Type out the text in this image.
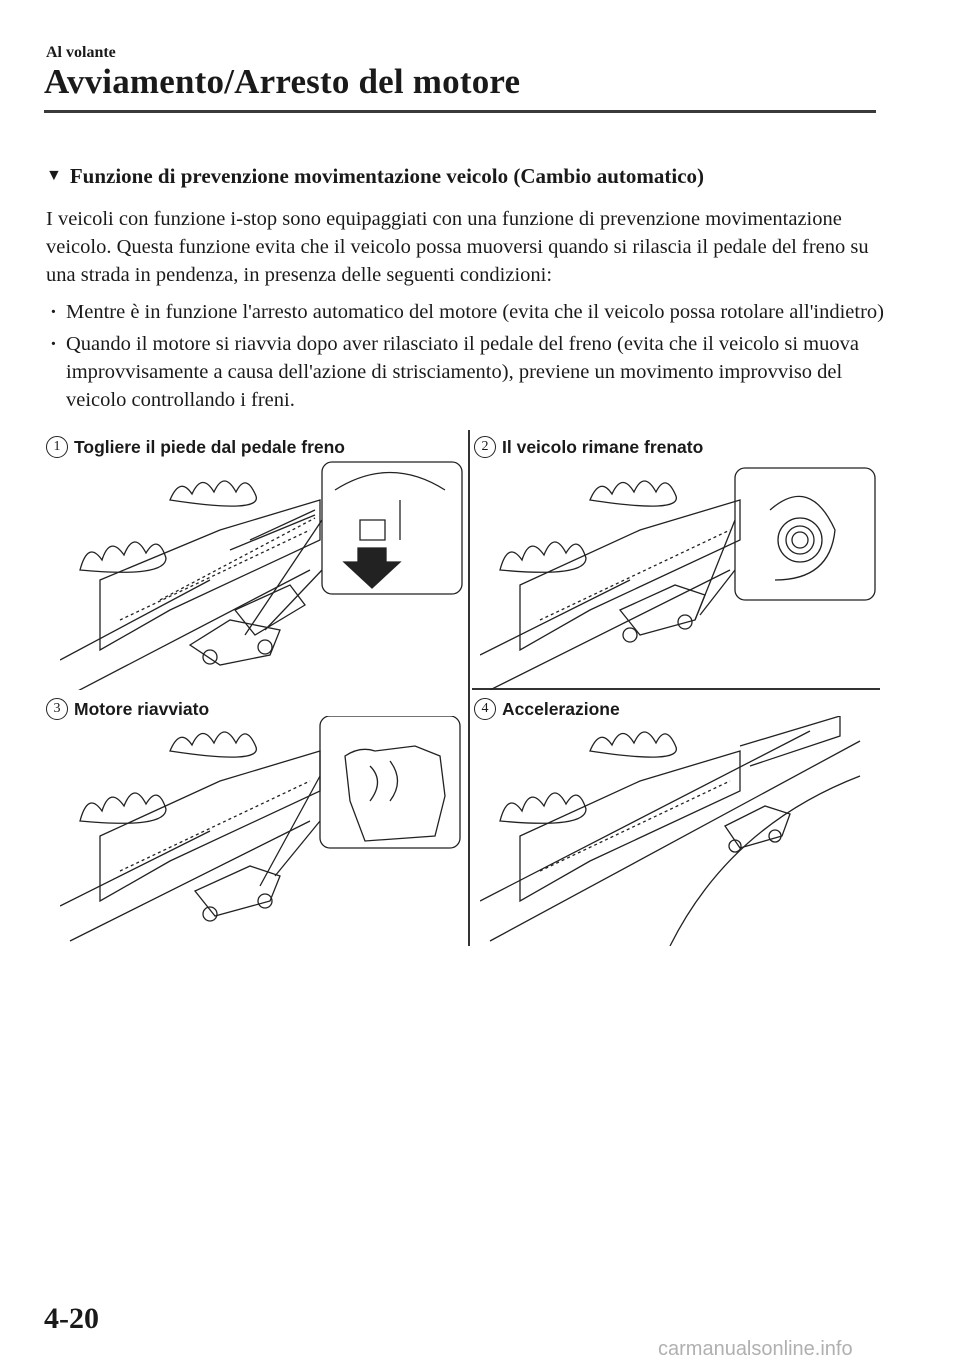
Al volante
Avviamento/Arresto del motore
▼ Funzione di prevenzione movimentazione veicolo (Cambio automatico)
I veicoli con funzione i-stop sono equipaggiati con una funzione di prevenzione movimentazione veicolo. Questa funzione evita che il veicolo possa muoversi quando si rilascia il pedale del freno su una strada in pendenza, in presenza delle seguenti condizioni:
· Mentre è in funzione l'arresto automatico del motore (evita che il veicolo possa rotolare all'indietro)
· Quando il motore si riavvia dopo aver rilasciato il pedale del freno (evita che il veicolo si muova improvvisamente a causa dell'azione di strisciamento), previene un movimento improvviso del veicolo controllando i freni.
1 Togliere il piede dal pedale freno	2 Il veicolo rimane frenato
3 Motore riavviato	4 Accelerazione
4-20
carmanualsonline.info
